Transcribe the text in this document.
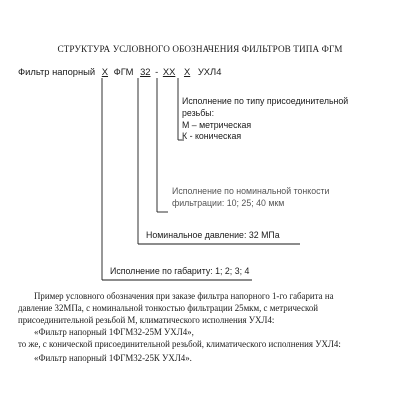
СТРУКТУРА УСЛОВНОГО ОБОЗНАЧЕНИЯ ФИЛЬТРОВ ТИПА ФГМ
Фильтр напорный Х ФГМ 32 - ХХ Х УХЛ4
Исполнение по типу присоединительной
резьбы:
М – метрическая
К - коническая
Исполнение по номинальной тонкости
фильтрации: 10; 25; 40 мкм
Номинальное давление: 32 МПа
Исполнение по габариту: 1; 2; 3; 4
Пример условного обозначения при заказе фильтра напорного 1-го габарита на
давление 32МПа, с номинальной тонкостью фильтрации 25мкм, с метрической
присоединительной резьбой М, климатического исполнения УХЛ4:
«Фильтр напорный 1ФГМ32-25М УХЛ4»,
то же, с конической присоединительной резьбой, климатического исполнения УХЛ4:
«Фильтр напорный 1ФГМ32-25К УХЛ4».
